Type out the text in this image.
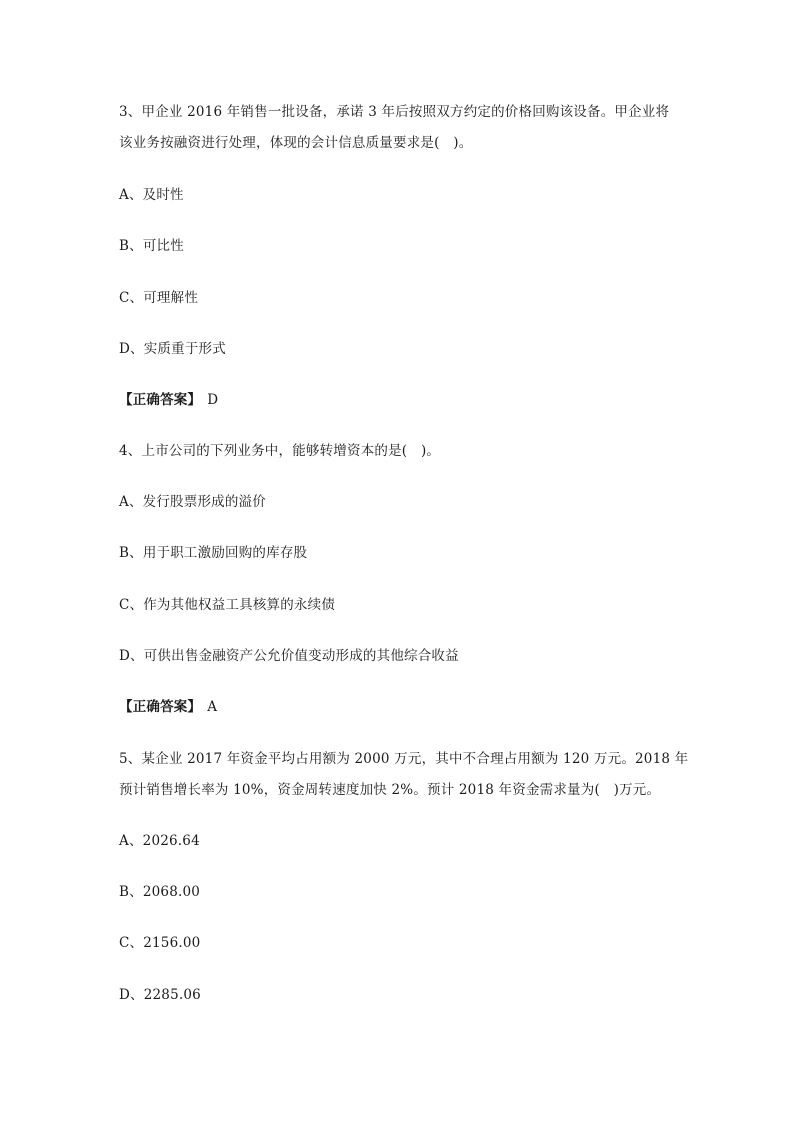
3、甲企业 2016 年销售一批设备，承诺 3 年后按照双方约定的价格回购该设备。甲企业将
该业务按融资进行处理，体现的会计信息质量要求是(　)。
A、及时性
B、可比性
C、可理解性
D、实质重于形式
【正确答案】 D
4、上市公司的下列业务中，能够转增资本的是(　)。
A、发行股票形成的溢价
B、用于职工激励回购的库存股
C、作为其他权益工具核算的永续债
D、可供出售金融资产公允价值变动形成的其他综合收益
【正确答案】 A
5、某企业 2017 年资金平均占用额为 2000 万元，其中不合理占用额为 120 万元。2018 年
预计销售增长率为 10%，资金周转速度加快 2%。预计 2018 年资金需求量为(　)万元。
A、2026.64
B、2068.00
C、2156.00
D、2285.06
